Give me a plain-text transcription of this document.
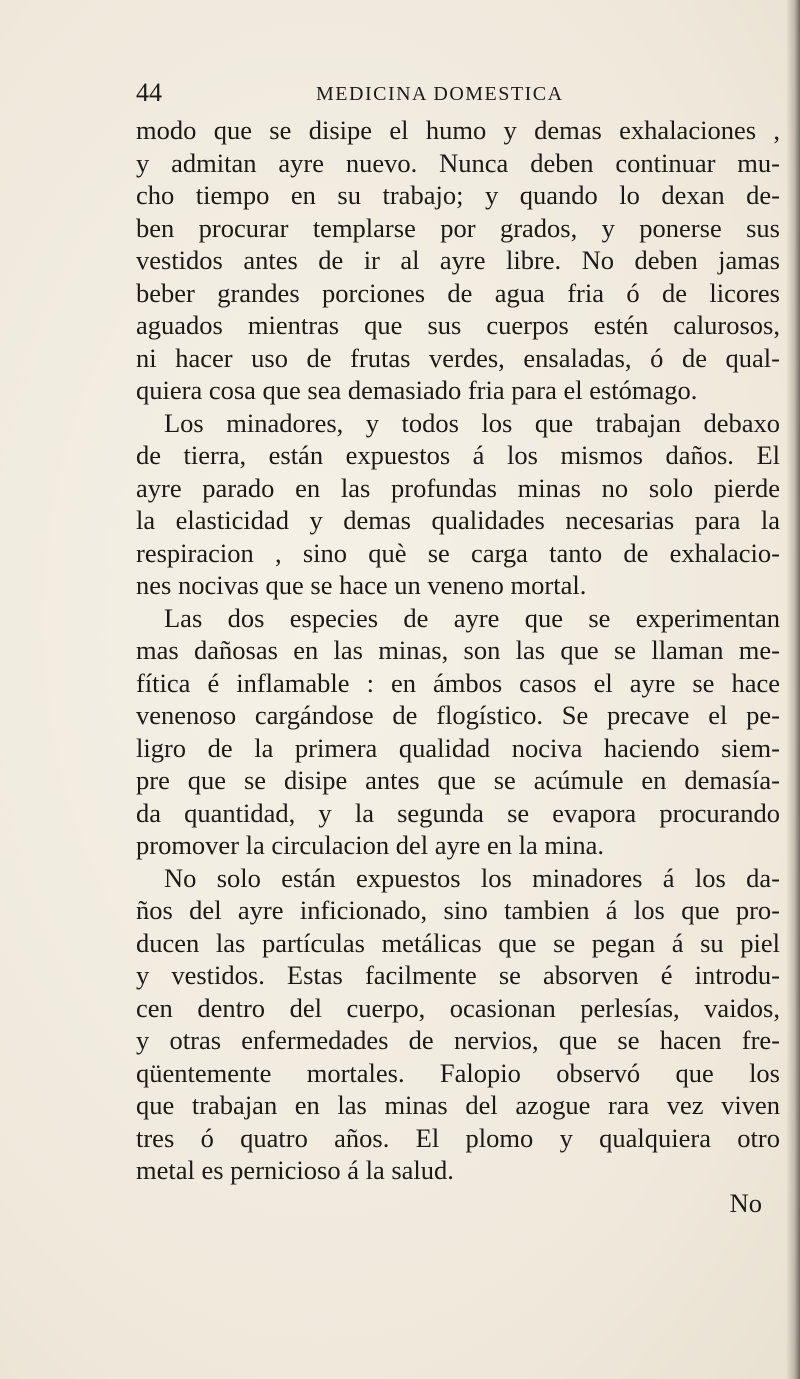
44	MEDICINA DOMESTICA
modo que se disipe el humo y demas exhalaciones ,
y admitan ayre nuevo. Nunca deben continuar mu-
cho tiempo en su trabajo; y quando lo dexan de-
ben procurar templarse por grados, y ponerse sus
vestidos antes de ir al ayre libre. No deben jamas
beber grandes porciones de agua fria ó de licores
aguados mientras que sus cuerpos estén calurosos,
ni hacer uso de frutas verdes, ensaladas, ó de qual-
quiera cosa que sea demasiado fria para el estómago.
Los minadores, y todos los que trabajan debaxo
de tierra, están expuestos á los mismos daños. El
ayre parado en las profundas minas no solo pierde
la elasticidad y demas qualidades necesarias para la
respiracion , sino què se carga tanto de exhalacio-
nes nocivas que se hace un veneno mortal.
Las dos especies de ayre que se experimentan
mas dañosas en las minas, son las que se llaman me-
fítica é inflamable : en ámbos casos el ayre se hace
venenoso cargándose de flogístico. Se precave el pe-
ligro de la primera qualidad nociva haciendo siem-
pre que se disipe antes que se acúmule en demasía-
da quantidad, y la segunda se evapora procurando
promover la circulacion del ayre en la mina.
No solo están expuestos los minadores á los da-
ños del ayre inficionado, sino tambien á los que pro-
ducen las partículas metálicas que se pegan á su piel
y vestidos. Estas facilmente se absorven é introdu-
cen dentro del cuerpo, ocasionan perlesías, vaidos,
y otras enfermedades de nervios, que se hacen fre-
qüentemente mortales. Falopio observó que los
que trabajan en las minas del azogue rara vez viven
tres ó quatro años. El plomo y qualquiera otro
metal es pernicioso á la salud.
No
